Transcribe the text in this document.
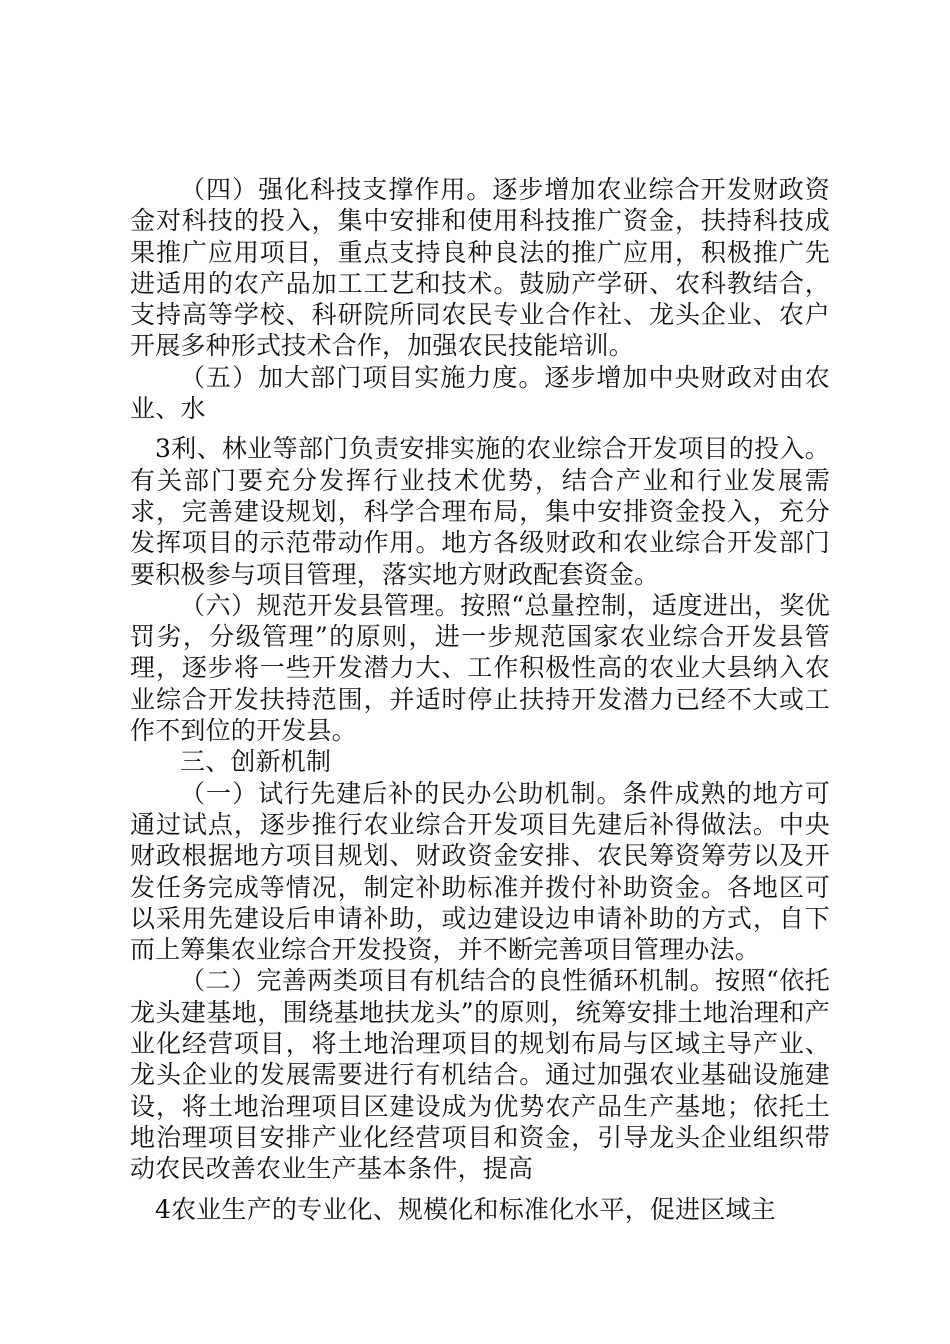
（四）强化科技支撑作用。逐步增加农业综合开发财政资金对科技的投入，集中安排和使用科技推广资金，扶持科技成果推广应用项目，重点支持良种良法的推广应用，积极推广先进适用的农产品加工工艺和技术。鼓励产学研、农科教结合，支持高等学校、科研院所同农民专业合作社、龙头企业、农户开展多种形式技术合作，加强农民技能培训。

（五）加大部门项目实施力度。逐步增加中央财政对由农业、水

3利、林业等部门负责安排实施的农业综合开发项目的投入。有关部门要充分发挥行业技术优势，结合产业和行业发展需求，完善建设规划，科学合理布局，集中安排资金投入，充分发挥项目的示范带动作用。地方各级财政和农业综合开发部门要积极参与项目管理，落实地方财政配套资金。

（六）规范开发县管理。按照“总量控制，适度进出，奖优罚劣，分级管理”的原则，进一步规范国家农业综合开发县管理，逐步将一些开发潜力大、工作积极性高的农业大县纳入农业综合开发扶持范围，并适时停止扶持开发潜力已经不大或工作不到位的开发县。

三、创新机制

（一）试行先建后补的民办公助机制。条件成熟的地方可通过试点，逐步推行农业综合开发项目先建后补得做法。中央财政根据地方项目规划、财政资金安排、农民筹资筹劳以及开发任务完成等情况，制定补助标准并拨付补助资金。各地区可以采用先建设后申请补助，或边建设边申请补助的方式，自下而上筹集农业综合开发投资，并不断完善项目管理办法。

（二）完善两类项目有机结合的良性循环机制。按照“依托龙头建基地，围绕基地扶龙头”的原则，统筹安排土地治理和产业化经营项目，将土地治理项目的规划布局与区域主导产业、龙头企业的发展需要进行有机结合。通过加强农业基础设施建设，将土地治理项目区建设成为优势农产品生产基地；依托土地治理项目安排产业化经营项目和资金，引导龙头企业组织带动农民改善农业生产基本条件，提高

4农业生产的专业化、规模化和标准化水平，促进区域主
